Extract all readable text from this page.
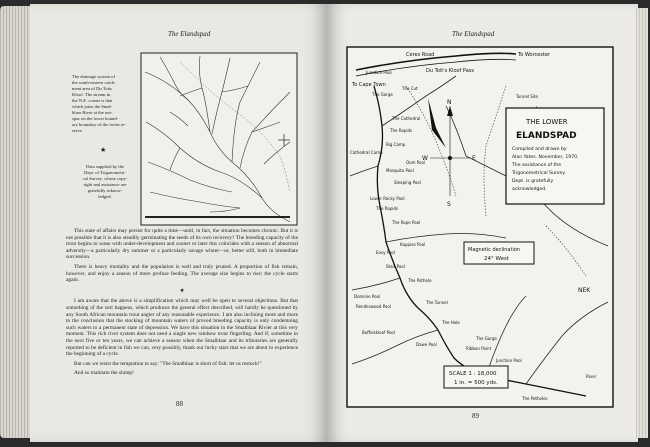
The Elandspad

The drainage system of

the south-eastern catch-

ment area of Du Toits

Kloof. The stream in

the N.E. corner is that

which joins the Smal-

blaar River at the out-

spur on the lower bound-

ary boundary of the forest re-

serve.

★
Data supplied by the
Dept. of Trigonometri-
cal Survey, whose copy-
right and assistance are
gratefully acknow-
ledged.

This state of affairs may persist for quite a time—until, in fact, the situation becomes chronic. But it is not possible that it is also steadily germinating the seeds of its own recovery? The breeding capacity of the trout begins to wane with under-development and sooner or later this coincides with a season of abnormal adversity—a particularly dry summer or a particularly savage winter—or, better still, both in immediate succession.

There is heavy mortality and the population is well and truly pruned. A proportion of fish remain, however, and enjoy a season of more profuse feeding. The average size begins to rise; the cycle starts again.

★

I am aware that the above is a simplification which may well be open to several objections. But that something of the sort happens, which produces the general effect described, will hardly be questioned by any South African mountain trout angler of any reasonable experience. I am also inclining more and more to the conclusion that the stocking of mountain waters of proved breeding capacity is only condemning such waters to a permanent state of depression. We have this situation in the Smalblaar Rivier at this very moment. This rich river system does not need a single new rainbow trout fingerling. And if, sometime in the next five or ten years, we can achieve a season when the Smalblaar and its tributaries are generally reported to be deficient in fish we can, very possibly, thank our lucky stars that we are about to experience the beginning of a cycle.

But can we resist the temptation to say: "The Smalblaar is short of fish: let us restock!"

And so maintain the slump!

88
The Elandspad
To Cape Town
To Worcester
Ceres Road
Du Toit's Kloof Pass
Tunnel Site
THE LOWER
ELANDSPAD
Compiled and drawn by
Alan Yates. November, 1970.
The assistance of the
Trigonometrical Survey
Dept. is gratefully
acknowledged.
N
S
W	E
Magnetic declination
24° West
SCALE 1 : 18,000
1 in. = 500 yds.
Junction Pool
The Gorge
The Cut
The Cathedral
The Rapids
Cathedral Camp
Big Camp
Oom Pool
Mosquito Pool
Sleeping Pool
Lower Rocky Pool
The Rapids
The Rope Pool
Kappies Pool
Easy Pool
Stair Pool
The Pothole
Dominie Pool
Rendeswood Pool
Buffelskloof Pool
The Tunnel
The Hole
Dawe Pool
NEK
Ribbon Point
Junction Pool
The Potholes
The Gorge
River
89
